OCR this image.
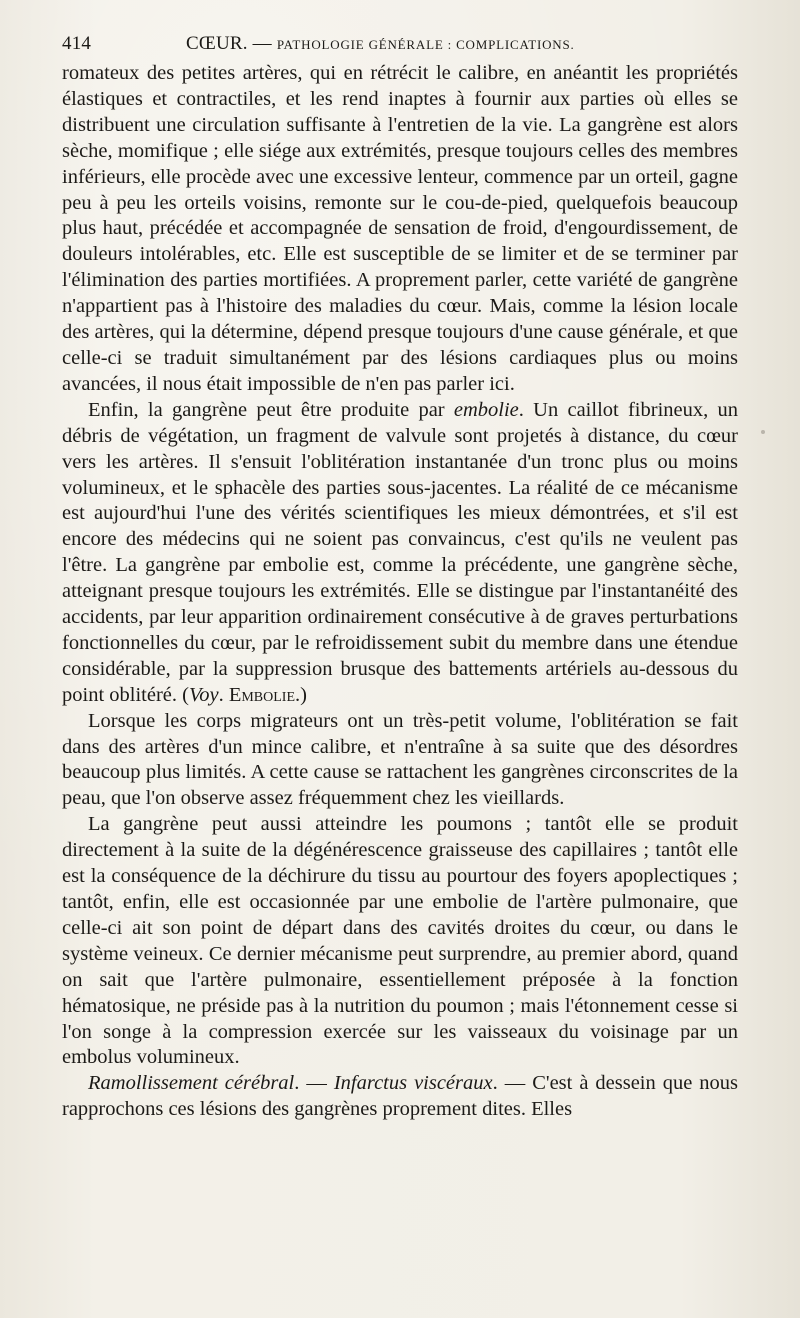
414	CŒUR. — PATHOLOGIE GÉNÉRALE : COMPLICATIONS.

romateux des petites artères, qui en rétrécit le calibre, en anéantit les propriétés élastiques et contractiles, et les rend inaptes à fournir aux parties où elles se distribuent une circulation suffisante à l'entretien de la vie. La gangrène est alors sèche, momifique ; elle siége aux extrémités, presque toujours celles des membres inférieurs, elle procède avec une excessive lenteur, commence par un orteil, gagne peu à peu les orteils voisins, remonte sur le cou-de-pied, quelquefois beaucoup plus haut, précédée et accompagnée de sensation de froid, d'engourdissement, de douleurs intolérables, etc. Elle est susceptible de se limiter et de se terminer par l'élimination des parties mortifiées. A proprement parler, cette variété de gangrène n'appartient pas à l'histoire des maladies du cœur. Mais, comme la lésion locale des artères, qui la détermine, dépend presque toujours d'une cause générale, et que celle-ci se traduit simultanément par des lésions cardiaques plus ou moins avancées, il nous était impossible de n'en pas parler ici.

Enfin, la gangrène peut être produite par embolie. Un caillot fibrineux, un débris de végétation, un fragment de valvule sont projetés à distance, du cœur vers les artères. Il s'ensuit l'oblitération instantanée d'un tronc plus ou moins volumineux, et le sphacèle des parties sous-jacentes. La réalité de ce mécanisme est aujourd'hui l'une des vérités scientifiques les mieux démontrées, et s'il est encore des médecins qui ne soient pas convaincus, c'est qu'ils ne veulent pas l'être. La gangrène par embolie est, comme la précédente, une gangrène sèche, atteignant presque toujours les extrémités. Elle se distingue par l'instantanéité des accidents, par leur apparition ordinairement consécutive à de graves perturbations fonctionnelles du cœur, par le refroidissement subit du membre dans une étendue considérable, par la suppression brusque des battements artériels au-dessous du point oblitéré. (Voy. Embolie.)

Lorsque les corps migrateurs ont un très-petit volume, l'oblitération se fait dans des artères d'un mince calibre, et n'entraîne à sa suite que des désordres beaucoup plus limités. A cette cause se rattachent les gangrènes circonscrites de la peau, que l'on observe assez fréquemment chez les vieillards.

La gangrène peut aussi atteindre les poumons ; tantôt elle se produit directement à la suite de la dégénérescence graisseuse des capillaires ; tantôt elle est la conséquence de la déchirure du tissu au pourtour des foyers apoplectiques ; tantôt, enfin, elle est occasionnée par une embolie de l'artère pulmonaire, que celle-ci ait son point de départ dans des cavités droites du cœur, ou dans le système veineux. Ce dernier mécanisme peut surprendre, au premier abord, quand on sait que l'artère pulmonaire, essentiellement préposée à la fonction hématosique, ne préside pas à la nutrition du poumon ; mais l'étonnement cesse si l'on songe à la compression exercée sur les vaisseaux du voisinage par un embolus volumineux.

Ramollissement cérébral. — Infarctus viscéraux. — C'est à dessein que nous rapprochons ces lésions des gangrènes proprement dites. Elles
